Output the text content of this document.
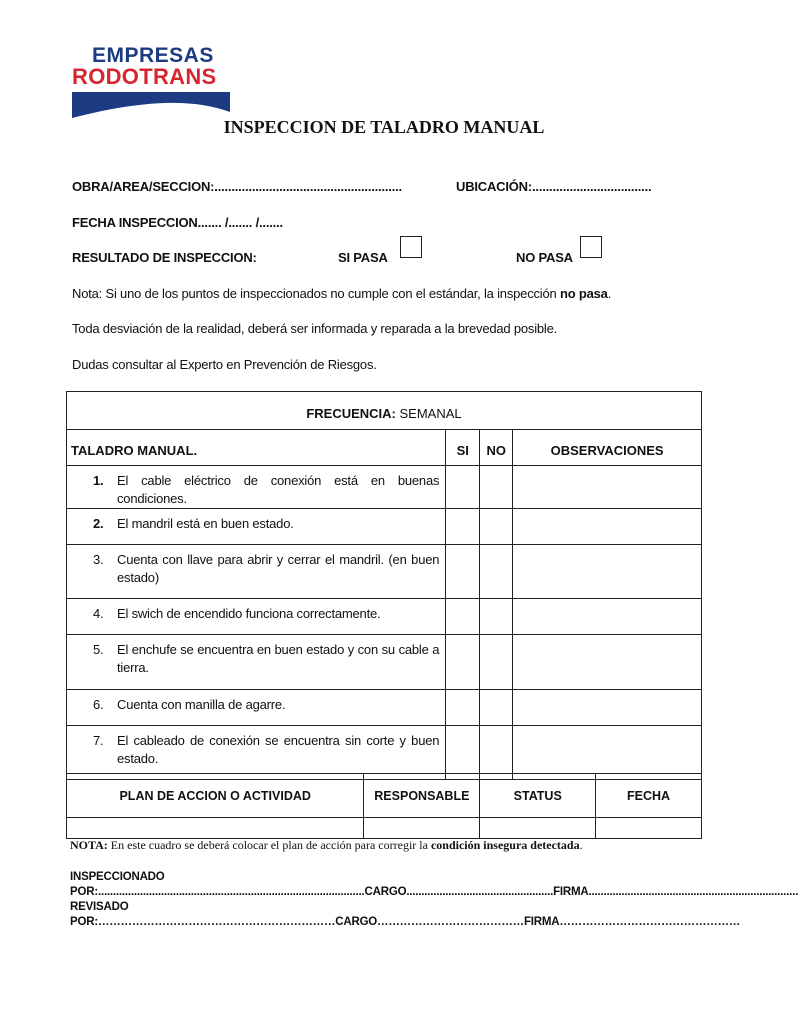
EMPRESAS
RODOTRANS
INSPECCION DE TALADRO MANUAL
OBRA/AREA/SECCION:.......................................................	UBICACIÓN:...................................
FECHA INSPECCION....... /....... /.......
RESULTADO DE INSPECCION:	SI PASA	NO PASA
Nota: Si uno de los puntos de inspeccionados no cumple con el estándar, la inspección no pasa.
Toda desviación de la realidad, deberá ser informada y reparada a la brevedad posible.
Dudas consultar al Experto en Prevención de Riesgos.
FRECUENCIA: SEMANAL			
TALADRO MANUAL.	SI	NO	OBSERVACIONES

1. El cable eléctrico de conexión está en buenas condiciones.			

2. El mandril está en buen estado.			

3. Cuenta con llave para abrir y cerrar el mandril. (en buen estado)			

4. El swich de encendido funciona correctamente.			

5. El enchufe se encuentra en buen estado y con su cable a tierra.			

6. Cuenta con manilla de agarre.			

7. El cableado de conexión se encuentra sin corte y buen estado.			

PLAN DE ACCION O ACTIVIDAD	RESPONSABLE	STATUS	FECHA

NOTA: En este cuadro se deberá colocar el plan de acción para corregir la condición insegura detectada.
INSPECCIONADO
POR:.........................................................................................CARGO.................................................FIRMA......................................................................
REVISADO
POR:………………………………………………………CARGO…………………………………FIRMA…………………………………………
